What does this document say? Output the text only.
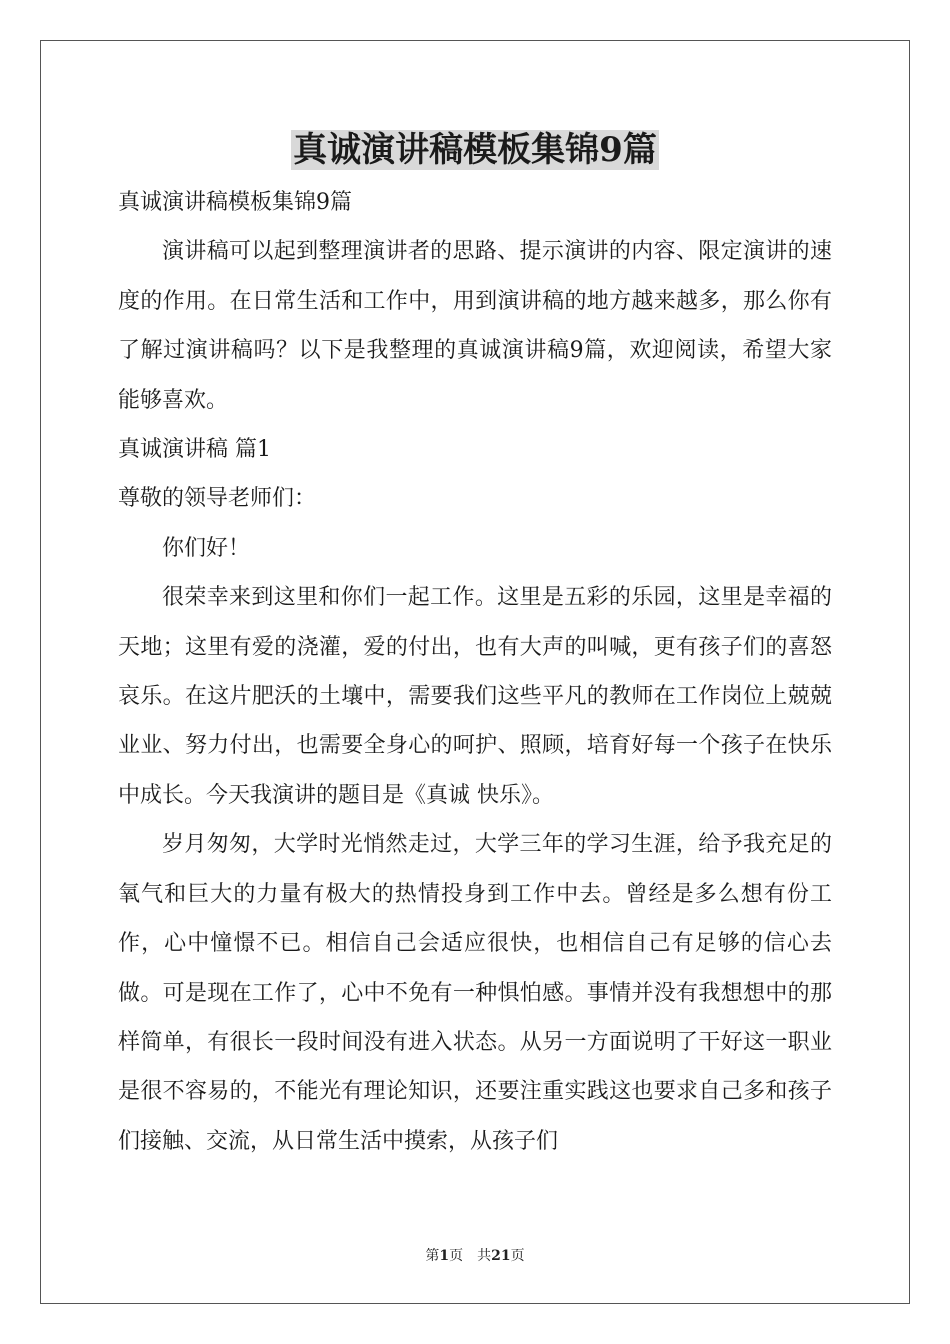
真诚演讲稿模板集锦9篇

真诚演讲稿模板集锦9篇

演讲稿可以起到整理演讲者的思路、提示演讲的内容、限定演讲的速度的作用。在日常生活和工作中，用到演讲稿的地方越来越多，那么你有了解过演讲稿吗？以下是我整理的真诚演讲稿9篇，欢迎阅读，希望大家能够喜欢。

真诚演讲稿 篇1

尊敬的领导老师们：

你们好！

很荣幸来到这里和你们一起工作。这里是五彩的乐园，这里是幸福的天地；这里有爱的浇灌，爱的付出，也有大声的叫喊，更有孩子们的喜怒哀乐。在这片肥沃的土壤中，需要我们这些平凡的教师在工作岗位上兢兢业业、努力付出，也需要全身心的呵护、照顾，培育好每一个孩子在快乐中成长。今天我演讲的题目是《真诚 快乐》。

岁月匆匆，大学时光悄然走过，大学三年的学习生涯，给予我充足的氧气和巨大的力量有极大的热情投身到工作中去。曾经是多么想有份工作，心中憧憬不已。相信自己会适应很快，也相信自己有足够的信心去做。可是现在工作了，心中不免有一种惧怕感。事情并没有我想想中的那样简单，有很长一段时间没有进入状态。从另一方面说明了干好这一职业是很不容易的，不能光有理论知识，还要注重实践这也要求自己多和孩子们接触、交流，从日常生活中摸索，从孩子们

第1页 共21页
